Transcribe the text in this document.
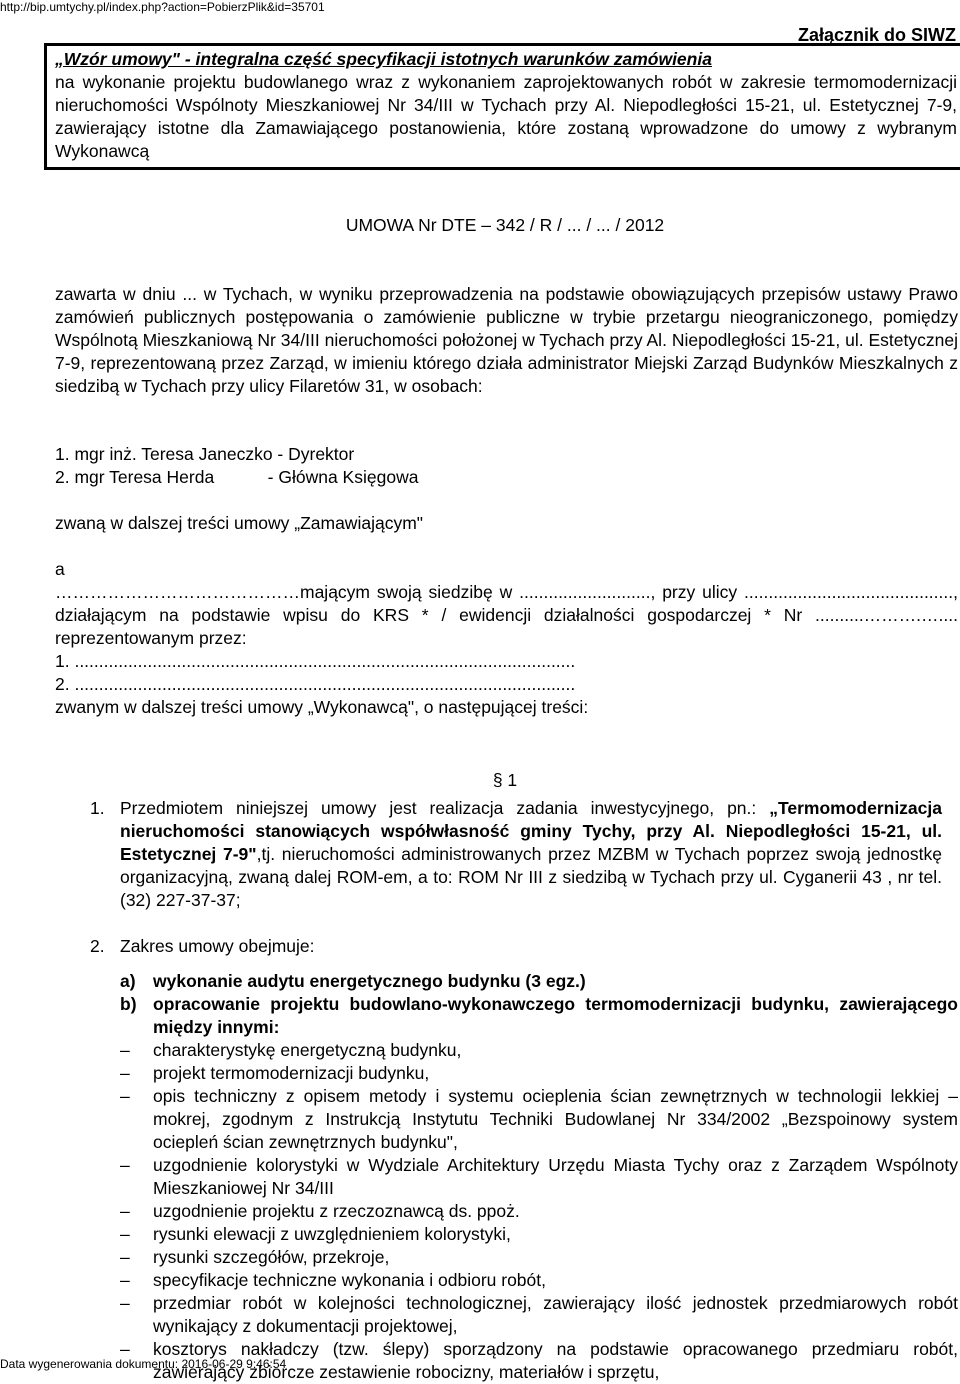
http://bip.umtychy.pl/index.php?action=PobierzPlik&id=35701
Załącznik do SIWZ

„Wzór umowy" - integralna część specyfikacji istotnych warunków zamówienia

na wykonanie projektu budowlanego wraz z wykonaniem zaprojektowanych robót w zakresie termomodernizacji nieruchomości Wspólnoty Mieszkaniowej Nr 34/III w Tychach przy Al. Niepodległości 15-21, ul. Estetycznej 7-9, zawierający istotne dla Zamawiającego postanowienia, które zostaną wprowadzone do umowy z wybranym Wykonawcą

UMOWA Nr DTE – 342 / R / ... / ... / 2012

zawarta w dniu ... w Tychach, w wyniku przeprowadzenia na podstawie obowiązujących przepisów ustawy Prawo zamówień publicznych postępowania o zamówienie publiczne w trybie przetargu nieograniczonego, pomiędzy Wspólnotą Mieszkaniową Nr 34/III nieruchomości położonej w Tychach przy Al. Niepodległości 15-21, ul. Estetycznej 7-9, reprezentowaną przez Zarząd, w imieniu którego działa administrator Miejski Zarząd Budynków Mieszkalnych z siedzibą w Tychach przy ulicy Filaretów 31, w osobach:

1. mgr inż. Teresa Janeczko - Dyrektor

2. mgr Teresa Herda           - Główna Księgowa

zwaną w dalszej treści umowy „Zamawiającym"

a

……………………………………mającym swoją siedzibę w ..........................., przy ulicy ..........................................., działającym na podstawie wpisu do KRS * / ewidencji działalności gospodarczej * Nr ..........……….….... reprezentowanym przez:

1. .......................................................................................................

2. .......................................................................................................

zwanym w dalszej treści umowy „Wykonawcą", o następującej treści:

§ 1
1. Przedmiotem niniejszej umowy jest realizacja zadania inwestycyjnego, pn.: „Termomodernizacja nieruchomości stanowiących współwłasność gminy Tychy, przy Al. Niepodległości 15-21, ul. Estetycznej 7-9",tj. nieruchomości administrowanych przez MZBM w Tychach poprzez swoją jednostkę organizacyjną, zwaną dalej ROM-em, a to: ROM Nr III z siedzibą w Tychach przy ul. Cyganerii 43 , nr tel. (32) 227-37-37;
2. Zakres umowy obejmuje:
a) wykonanie audytu energetycznego budynku (3 egz.)
b) opracowanie projektu budowlano-wykonawczego termomodernizacji budynku, zawierającego między innymi:
–	charakterystykę energetyczną budynku,
–	projekt termomodernizacji budynku,
–	opis techniczny z opisem metody i systemu ocieplenia ścian zewnętrznych w technologii lekkiej – mokrej, zgodnym z Instrukcją Instytutu Techniki Budowlanej Nr 334/2002 „Bezspoinowy system ociepleń ścian zewnętrznych budynku",
–	uzgodnienie kolorystyki w Wydziale Architektury Urzędu Miasta Tychy oraz z Zarządem Wspólnoty Mieszkaniowej Nr 34/III
–	uzgodnienie projektu z rzeczoznawcą ds. ppoż.
–	rysunki elewacji z uwzględnieniem kolorystyki,
–	rysunki szczegółów, przekroje,
–	specyfikacje techniczne wykonania i odbioru robót,
–	przedmiar robót w kolejności technologicznej, zawierający ilość jednostek przedmiarowych robót wynikający z dokumentacji projektowej,
–	kosztorys nakładczy (tzw. ślepy) sporządzony na podstawie opracowanego przedmiaru robót, zawierający zbiorcze zestawienie robocizny, materiałów i sprzętu,
Data wygenerowania dokumentu: 2016-06-29 9:46:54
